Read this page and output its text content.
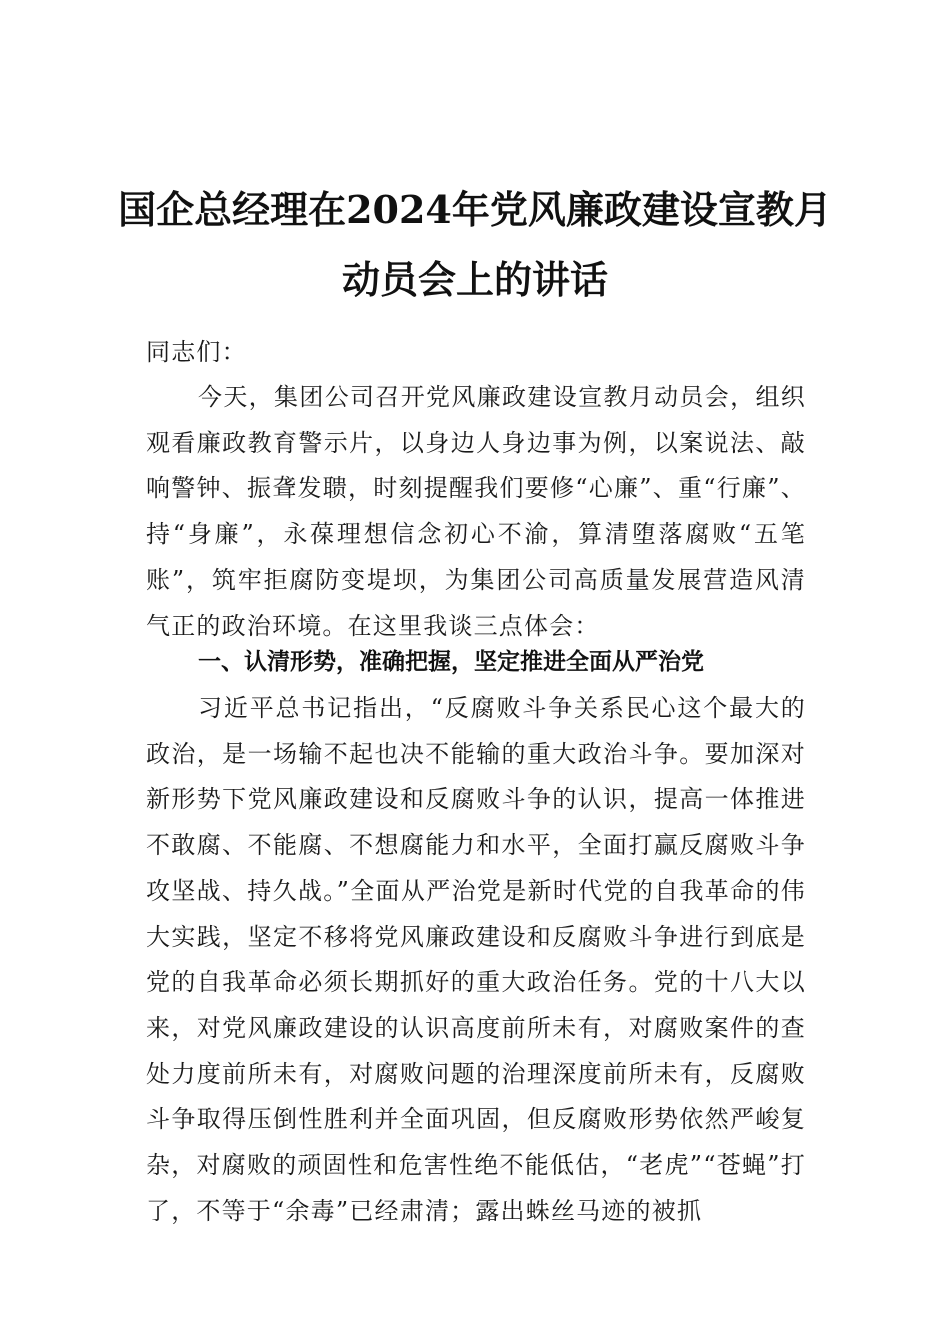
国企总经理在2024年党风廉政建设宣教月
动员会上的讲话

同志们：

今天，集团公司召开党风廉政建设宣教月动员会，组织观看廉政教育警示片，以身边人身边事为例，以案说法、敲响警钟、振聋发聩，时刻提醒我们要修“心廉”、重“行廉”、持“身廉”，永葆理想信念初心不渝，算清堕落腐败“五笔账”，筑牢拒腐防变堤坝，为集团公司高质量发展营造风清气正的政治环境。在这里我谈三点体会：

一、认清形势，准确把握，坚定推进全面从严治党

习近平总书记指出，“反腐败斗争关系民心这个最大的政治，是一场输不起也决不能输的重大政治斗争。要加深对新形势下党风廉政建设和反腐败斗争的认识，提高一体推进不敢腐、不能腐、不想腐能力和水平，全面打赢反腐败斗争攻坚战、持久战。”全面从严治党是新时代党的自我革命的伟大实践，坚定不移将党风廉政建设和反腐败斗争进行到底是党的自我革命必须长期抓好的重大政治任务。党的十八大以来，对党风廉政建设的认识高度前所未有，对腐败案件的查处力度前所未有，对腐败问题的治理深度前所未有，反腐败斗争取得压倒性胜利并全面巩固，但反腐败形势依然严峻复杂，对腐败的顽固性和危害性绝不能低估，“老虎”“苍蝇”打了，不等于“余毒”已经肃清；露出蛛丝马迹的被抓
